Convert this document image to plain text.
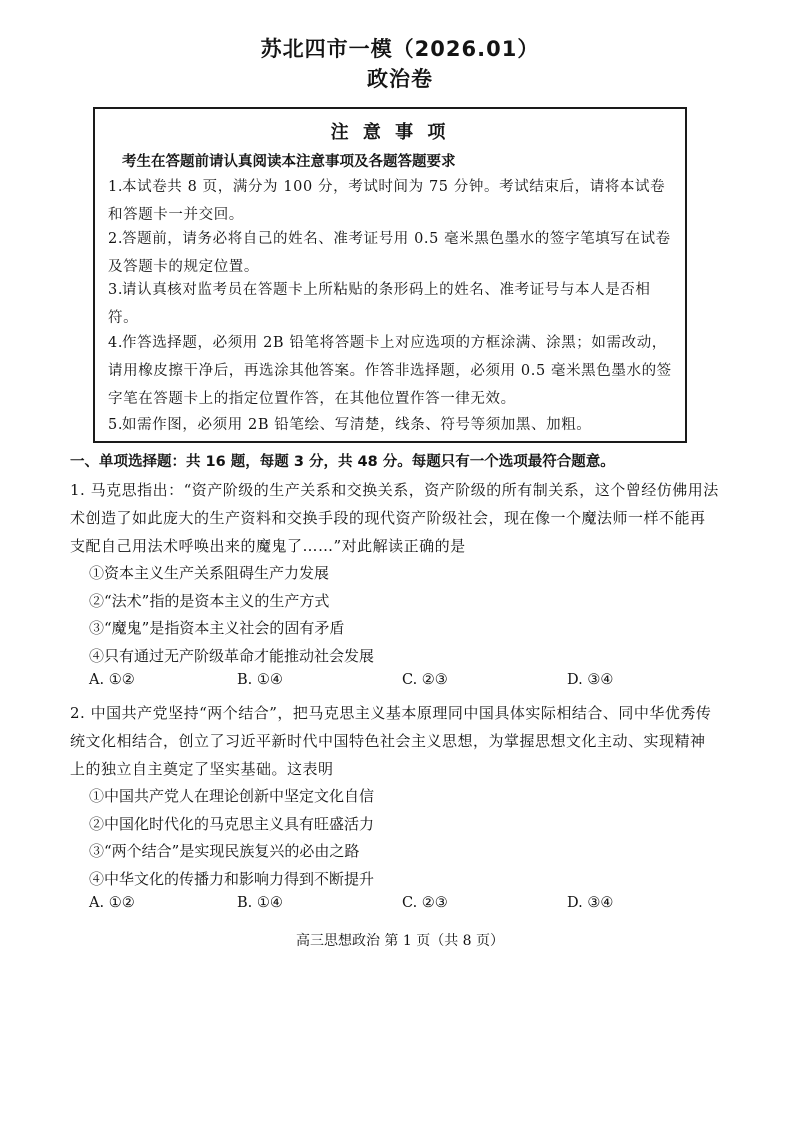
苏北四市一模（2026.01）
政治卷
注 意 事 项
考生在答题前请认真阅读本注意事项及各题答题要求
1.本试卷共 8 页，满分为 100 分，考试时间为 75 分钟。考试结束后，请将本试卷和答题卡一并交回。
2.答题前，请务必将自己的姓名、准考证号用 0.5 毫米黑色墨水的签字笔填写在试卷及答题卡的规定位置。
3.请认真核对监考员在答题卡上所粘贴的条形码上的姓名、准考证号与本人是否相符。
4.作答选择题，必须用 2B 铅笔将答题卡上对应选项的方框涂满、涂黑；如需改动，请用橡皮擦干净后，再选涂其他答案。作答非选择题，必须用 0.5 毫米黑色墨水的签字笔在答题卡上的指定位置作答，在其他位置作答一律无效。
5.如需作图，必须用 2B 铅笔绘、写清楚，线条、符号等须加黑、加粗。
一、单项选择题：共 16 题，每题 3 分，共 48 分。每题只有一个选项最符合题意。
1. 马克思指出：“资产阶级的生产关系和交换关系，资产阶级的所有制关系，这个曾经仿佛用法术创造了如此庞大的生产资料和交换手段的现代资产阶级社会，现在像一个魔法师一样不能再支配自己用法术呼唤出来的魔鬼了……”对此解读正确的是
①资本主义生产关系阻碍生产力发展
②“法术”指的是资本主义的生产方式
③“魔鬼”是指资本主义社会的固有矛盾
④只有通过无产阶级革命才能推动社会发展
A. ①②	B. ①④	C. ②③	D. ③④
2. 中国共产党坚持“两个结合”，把马克思主义基本原理同中国具体实际相结合、同中华优秀传统文化相结合，创立了习近平新时代中国特色社会主义思想，为掌握思想文化主动、实现精神上的独立自主奠定了坚实基础。这表明
①中国共产党人在理论创新中坚定文化自信
②中国化时代化的马克思主义具有旺盛活力
③“两个结合”是实现民族复兴的必由之路
④中华文化的传播力和影响力得到不断提升
A. ①②	B. ①④	C. ②③	D. ③④
高三思想政治 第 1 页（共 8 页）
